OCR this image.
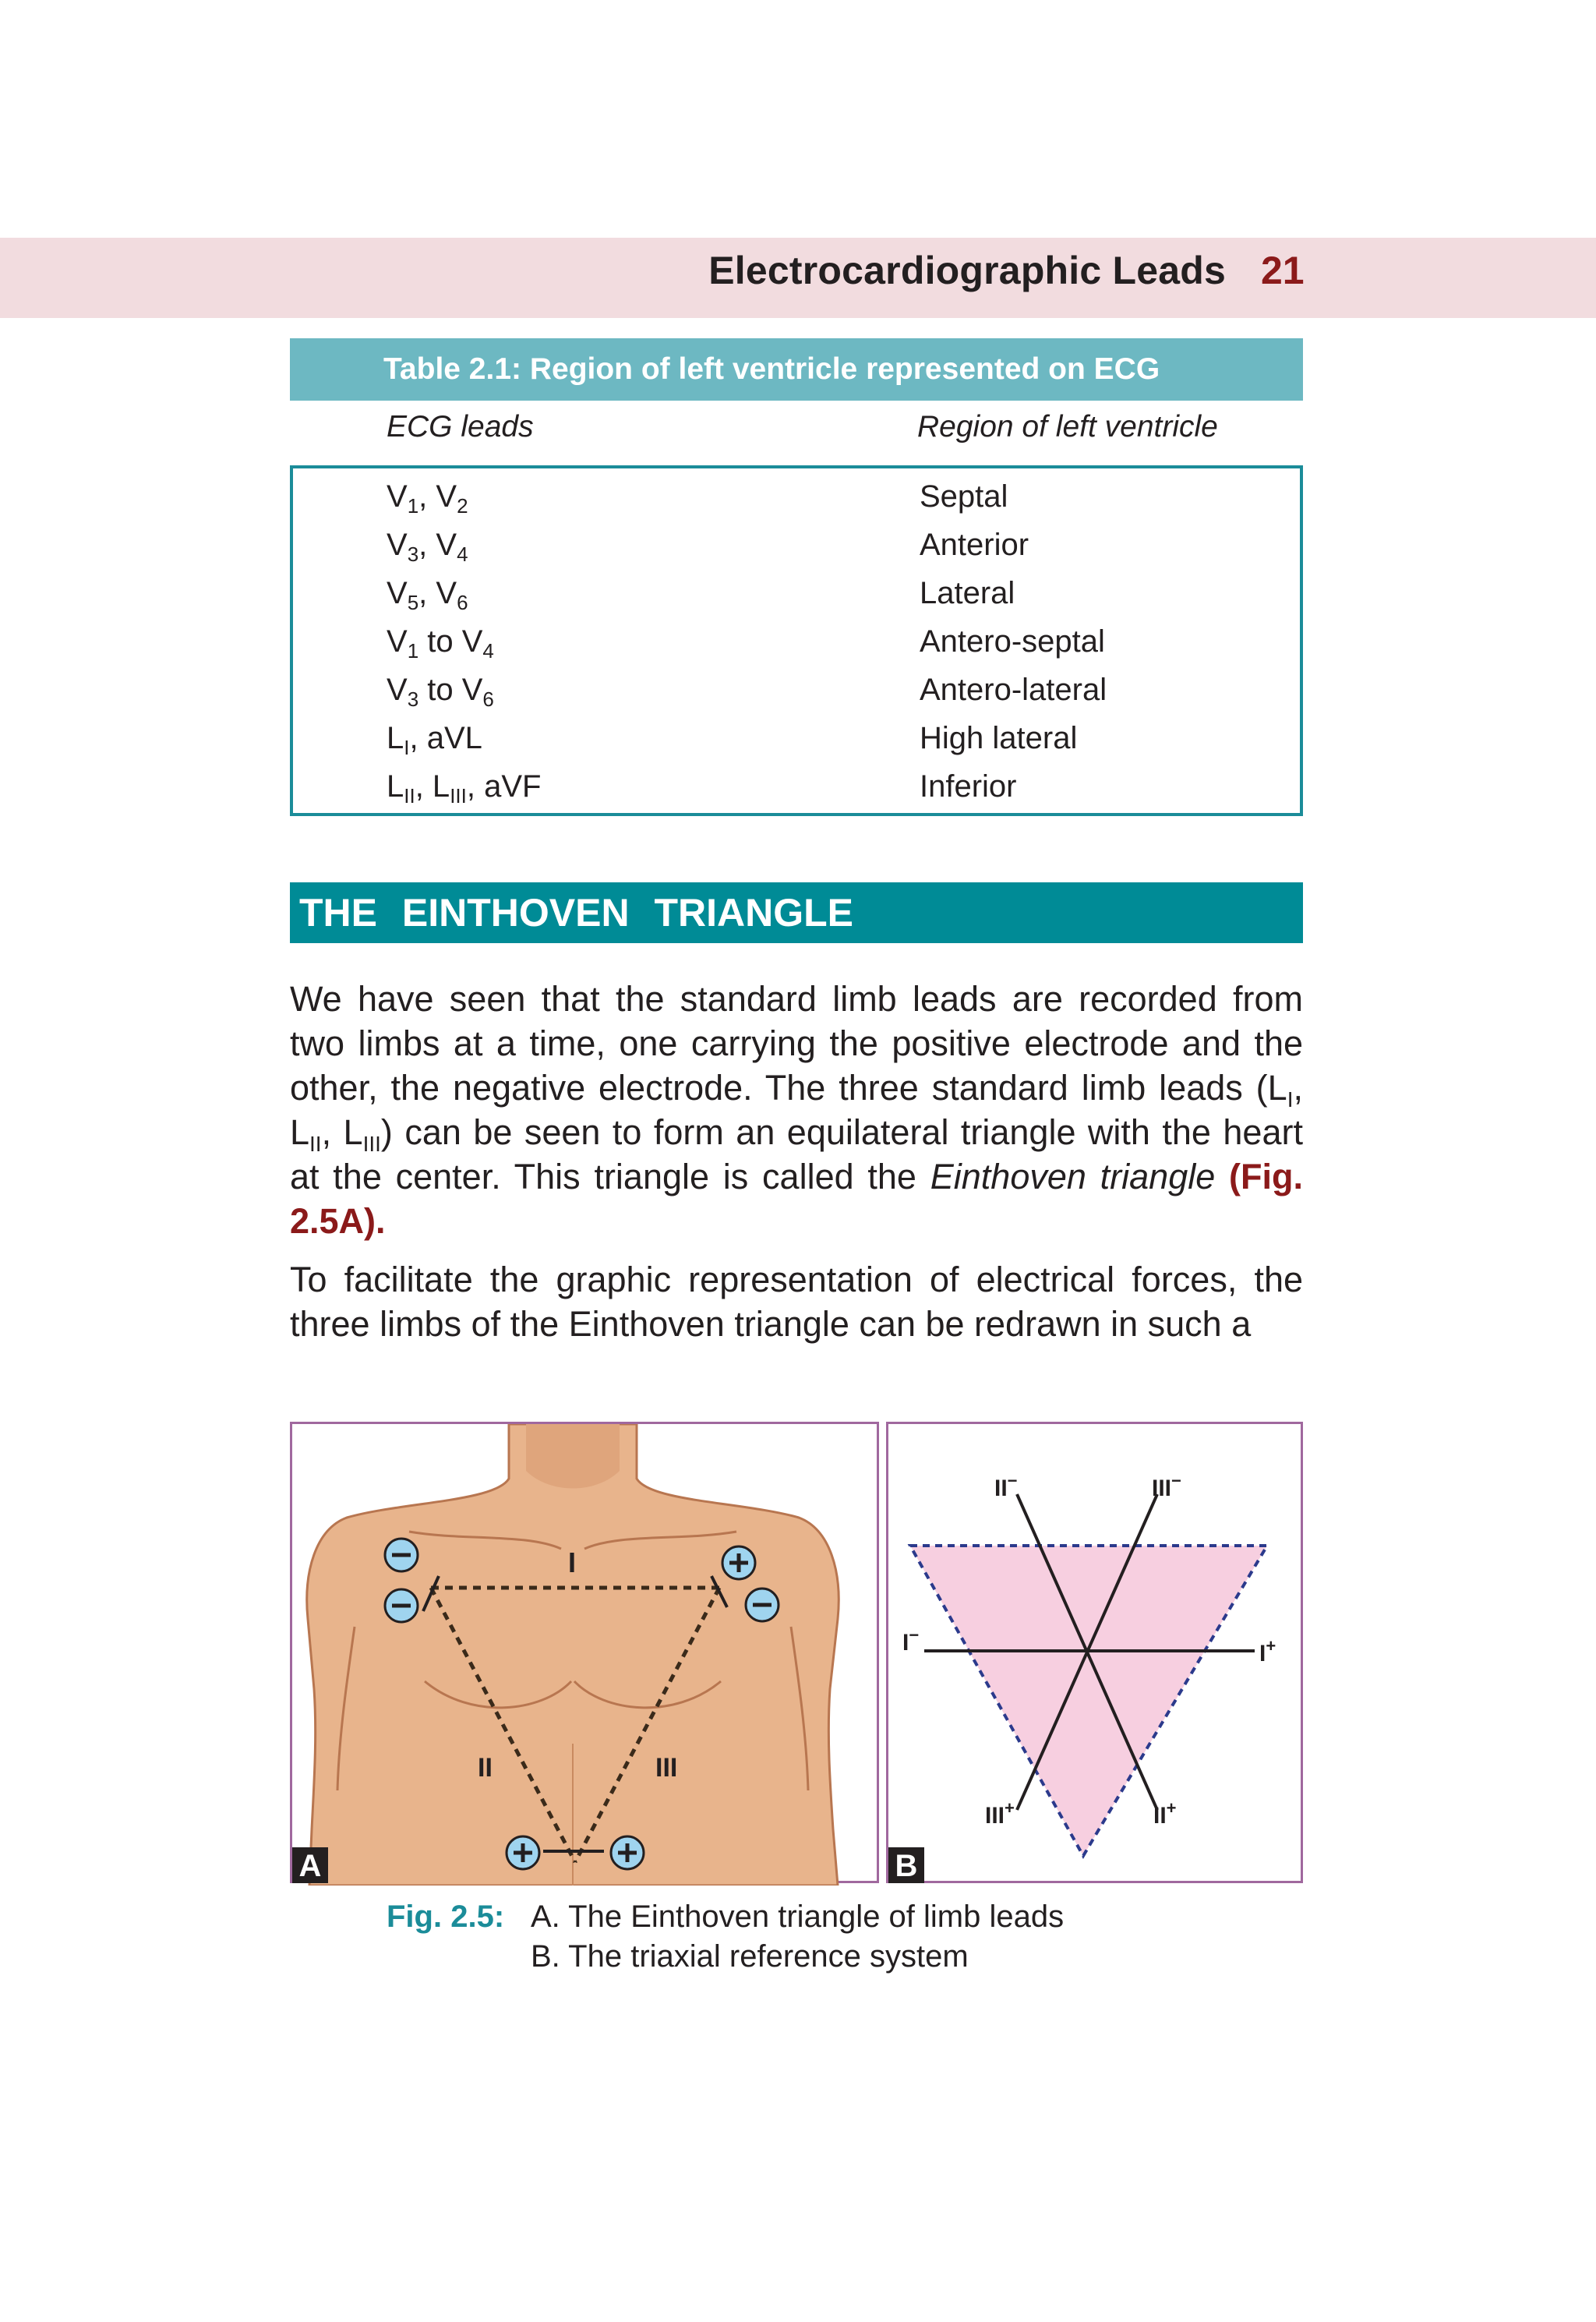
Electrocardiographic Leads 21
Table 2.1: Region of left ventricle represented on ECG
ECG leads	Region of left ventricle
$V_1$, $V_2$	Septal
$V_3$, $V_4$	Anterior
$V_5$, $V_6$	Lateral
$V_1$ to $V_4$	Antero-septal
$V_3$ to $V_6$	Antero-lateral
$L_I$, aVL	High lateral
$L_{II}$, $L_{III}$, aVF	Inferior
THE EINTHOVEN TRIANGLE
We have seen that the standard limb leads are recorded from two limbs at a time, one carrying the positive electrode and the other, the negative electrode. The three standard limb leads ($L_I$, $L_{II}$, $L_{III}$) can be seen to form an equilateral triangle with the heart at the center. This triangle is called the Einthoven triangle (Fig. 2.5A).
To facilitate the graphic representation of electrical forces, the three limbs of the Einthoven triangle can be redrawn in such a
I
II	III
A
II−	III−
I−
I+
III+	II+
B
Fig. 2.5: A. The Einthoven triangle of limb leads
B. The triaxial reference system
